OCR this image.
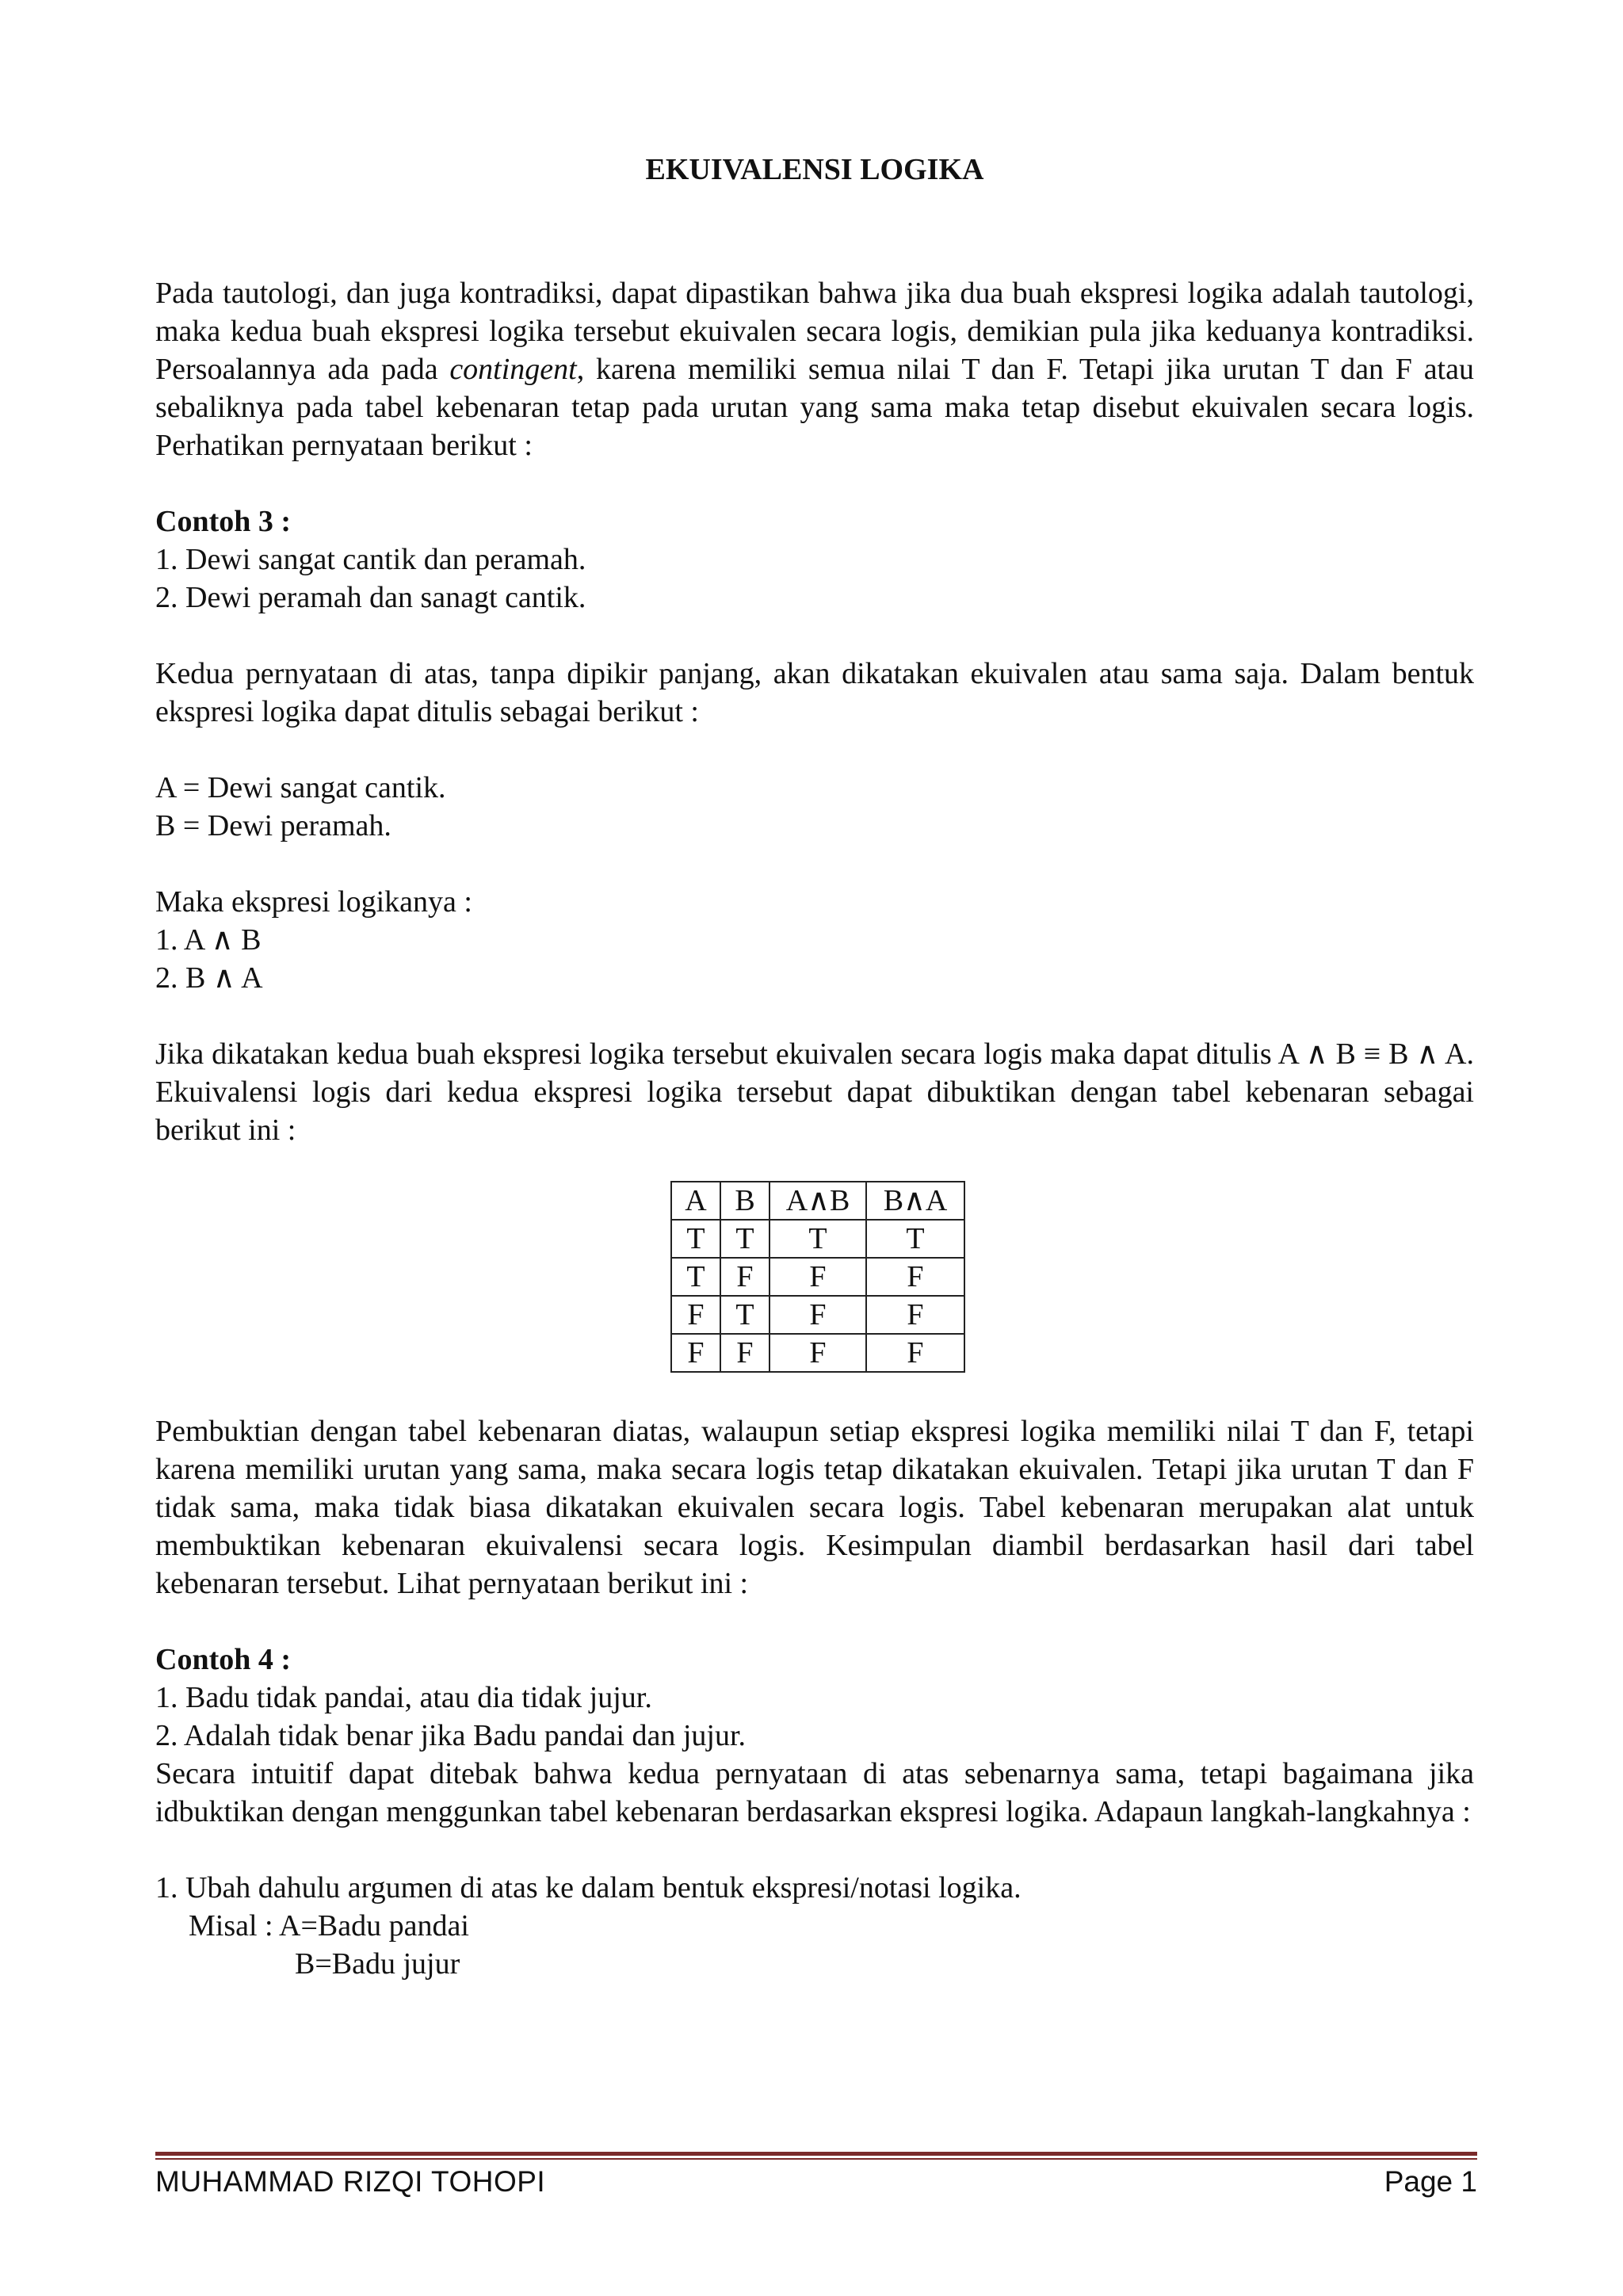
EKUIVALENSI LOGIKA

Pada tautologi, dan juga kontradiksi, dapat dipastikan bahwa jika dua buah ekspresi logika adalah tautologi, maka kedua buah ekspresi logika tersebut ekuivalen secara logis, demikian pula jika keduanya kontradiksi. Persoalannya ada pada contingent, karena memiliki semua nilai T dan F. Tetapi jika urutan T dan F atau sebaliknya pada tabel kebenaran tetap pada urutan yang sama maka tetap disebut ekuivalen secara logis. Perhatikan pernyataan berikut :

Contoh 3 :

1. Dewi sangat cantik dan peramah.

2. Dewi peramah dan sanagt cantik.

Kedua pernyataan di atas, tanpa dipikir panjang, akan dikatakan ekuivalen atau sama saja. Dalam bentuk ekspresi logika dapat ditulis sebagai berikut :

A = Dewi sangat cantik.

B = Dewi peramah.

Maka ekspresi logikanya :

1. A ∧ B

2. B ∧ A

Jika dikatakan kedua buah ekspresi logika tersebut ekuivalen secara logis maka dapat ditulis A ∧ B ≡ B ∧ A. Ekuivalensi logis dari kedua ekspresi logika tersebut dapat dibuktikan dengan tabel kebenaran sebagai berikut ini :

A	B	A∧B	B∧A
T	T	T	T
T	F	F	F
F	T	F	F
F	F	F	F

Pembuktian dengan tabel kebenaran diatas, walaupun setiap ekspresi logika memiliki nilai T dan F, tetapi karena memiliki urutan yang sama, maka secara logis tetap dikatakan ekuivalen. Tetapi jika urutan T dan F tidak sama, maka tidak biasa dikatakan ekuivalen secara logis. Tabel kebenaran merupakan alat untuk membuktikan kebenaran ekuivalensi secara logis. Kesimpulan diambil berdasarkan hasil dari tabel kebenaran tersebut. Lihat pernyataan berikut ini :

Contoh 4 :

1. Badu tidak pandai, atau dia tidak jujur.

2. Adalah tidak benar jika Badu pandai dan jujur.

Secara intuitif dapat ditebak bahwa kedua pernyataan di atas sebenarnya sama, tetapi bagaimana jika idbuktikan dengan menggunkan tabel kebenaran berdasarkan ekspresi logika. Adapaun langkah-langkahnya :

1. Ubah dahulu argumen di atas ke dalam bentuk ekspresi/notasi logika.

Misal : A=Badu pandai

B=Badu jujur

MUHAMMAD RIZQI TOHOPI	Page 1
